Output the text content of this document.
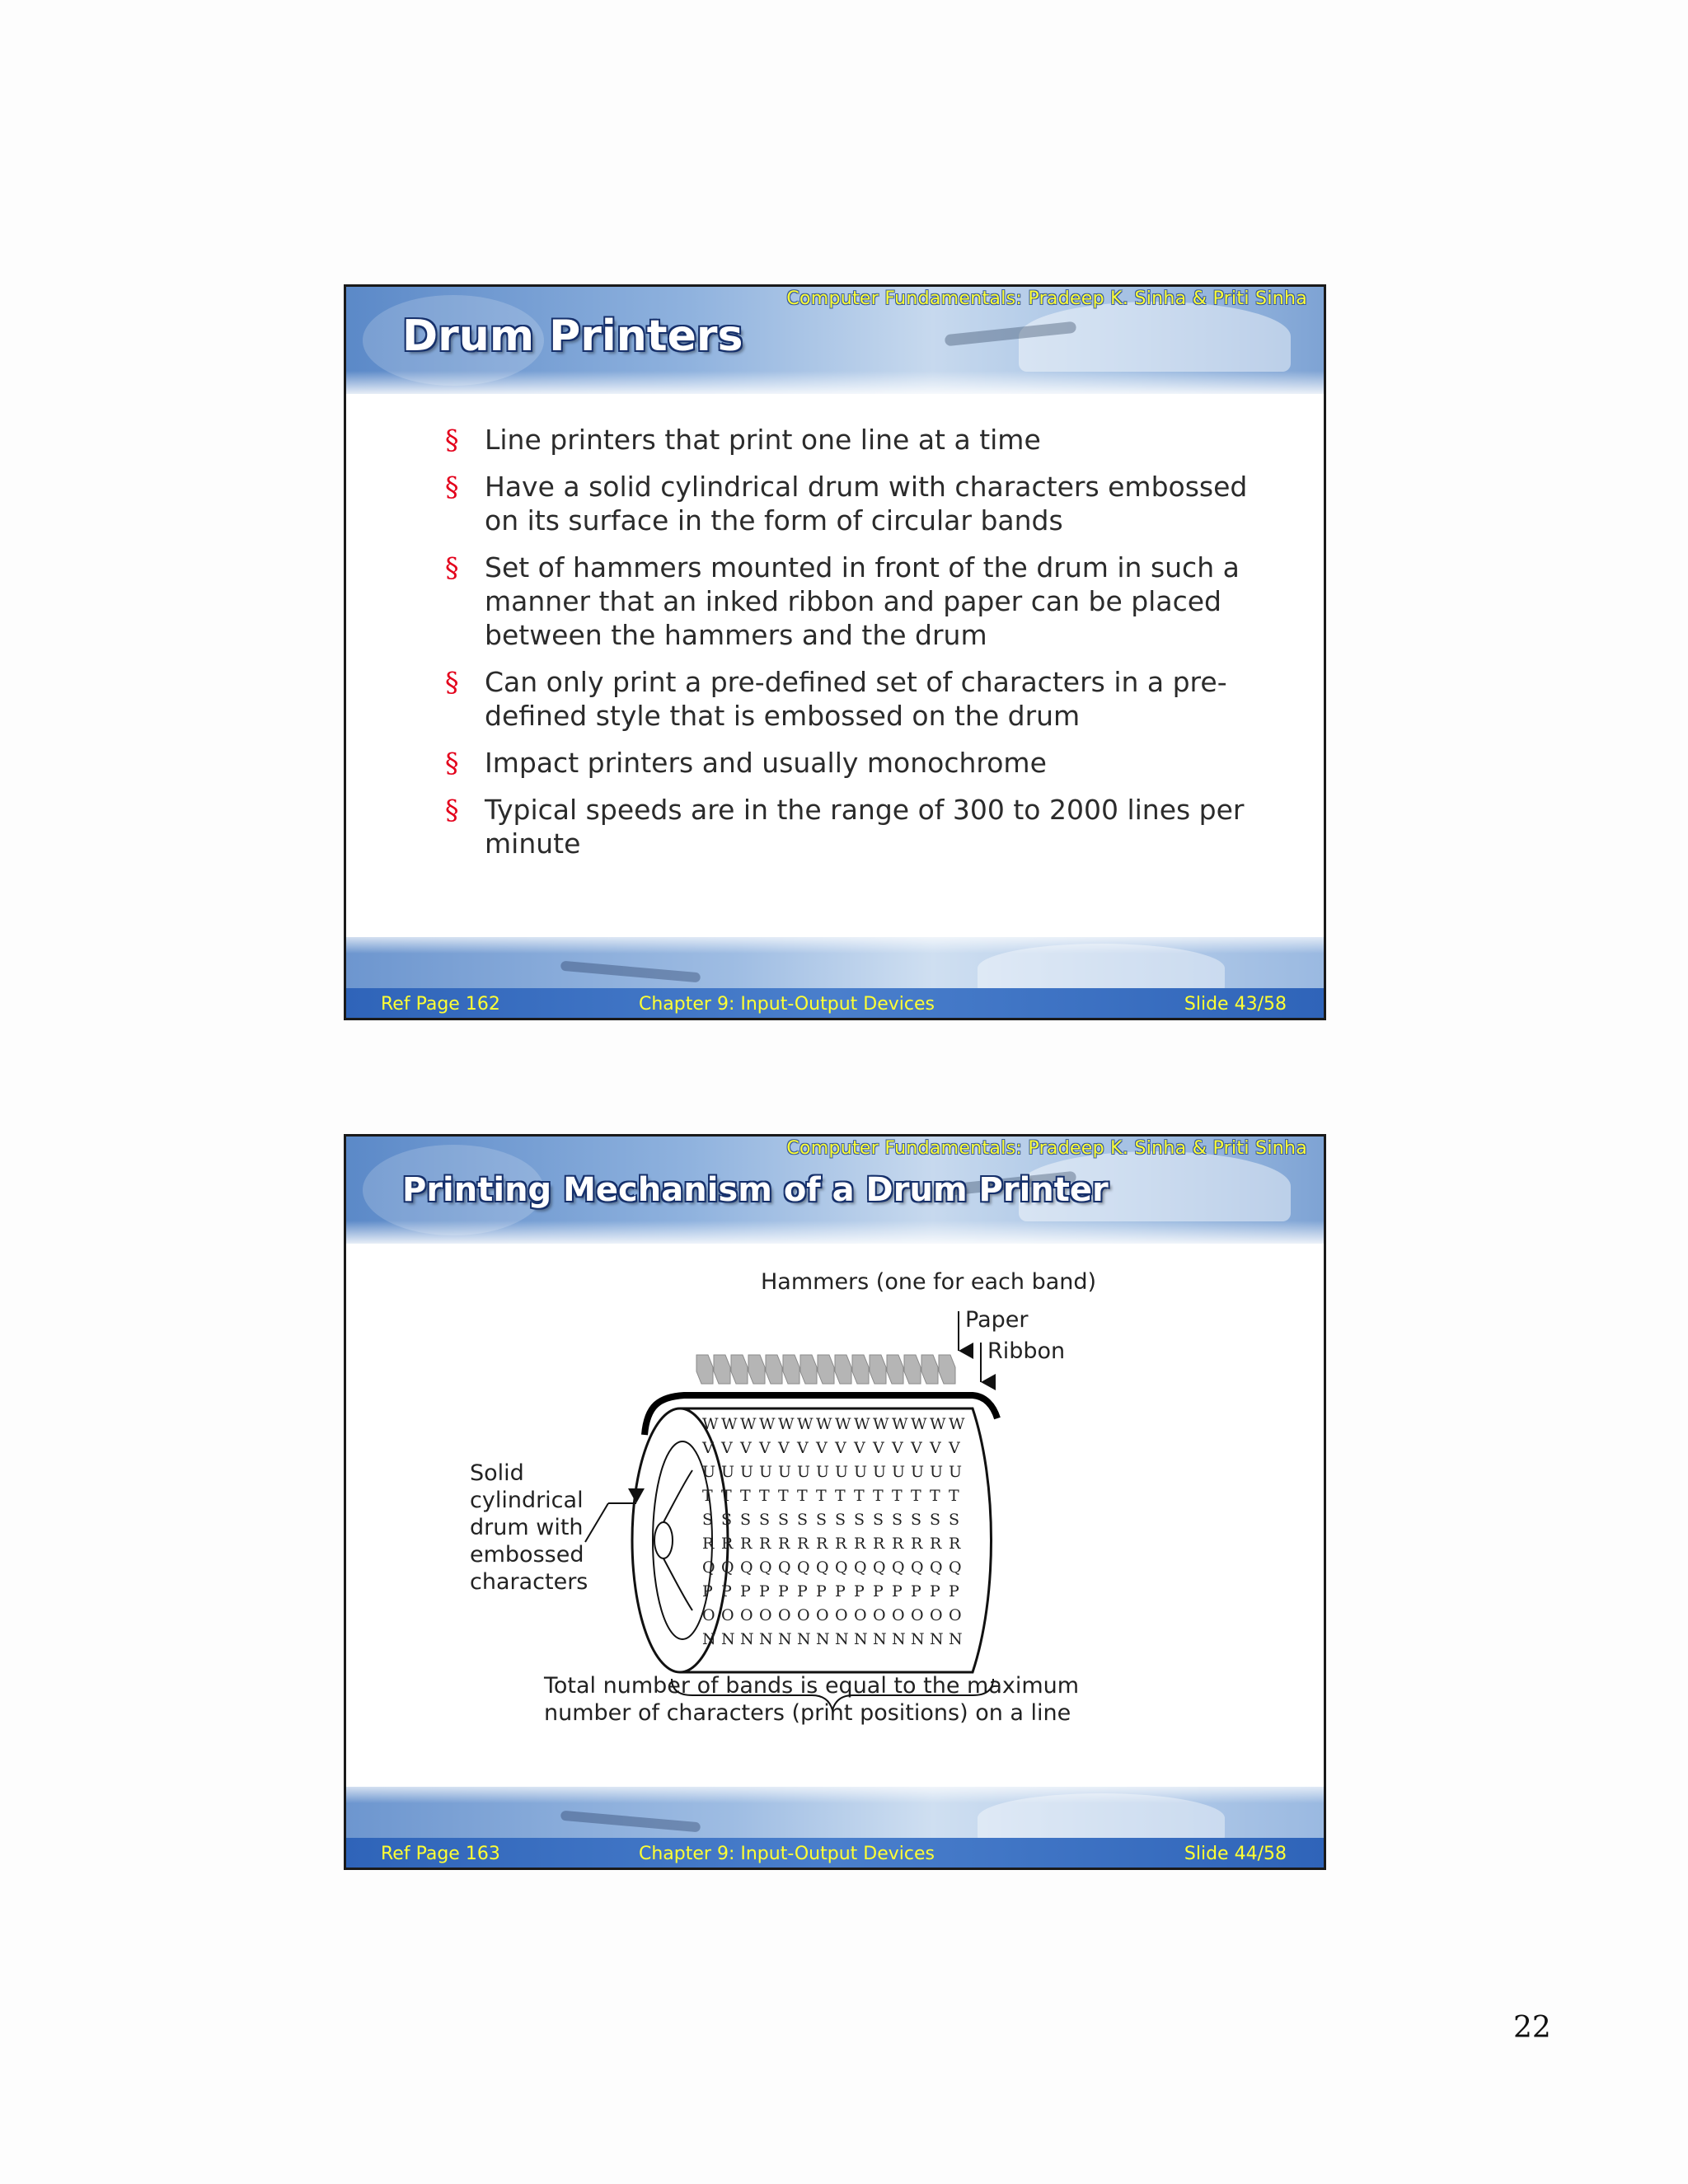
Computer Fundamentals: Pradeep K. Sinha & Priti Sinha
Drum Printers
§ Line printers that print one line at a time
§ Have a solid cylindrical drum with characters embossed on its surface in the form of circular bands
§ Set of hammers mounted in front of the drum in such a manner that an inked ribbon and paper can be placed between the hammers and the drum
§ Can only print a pre-defined set of characters in a pre-defined style that is embossed on the drum
§ Impact printers and usually monochrome
§ Typical speeds are in the range of 300 to 2000 lines per minute
Ref Page 162	Chapter 9: Input-Output Devices	Slide 43/58
Computer Fundamentals: Pradeep K. Sinha & Priti Sinha
Printing Mechanism of a Drum Printer
Hammers (one for each band)
Paper
Ribbon
Solid
cylindrical
drum with
embossed
characters
Total number of bands is equal to the maximum
number of characters (print positions) on a line
W W W W W W W W W W W W W W
V V V V V V V V V V V V V V
U U U U U U U U U U U U U U
T T T T T T T T T T T T T T
S S S S S S S S S S S S S S
R R R R R R R R R R R R R R
Q Q Q Q Q Q Q Q Q Q Q Q Q Q
P P P P P P P P P P P P P P
O O O O O O O O O O O O O O
N N N N N N N N N N N N N N
Ref Page 163	Chapter 9: Input-Output Devices	Slide 44/58
22
